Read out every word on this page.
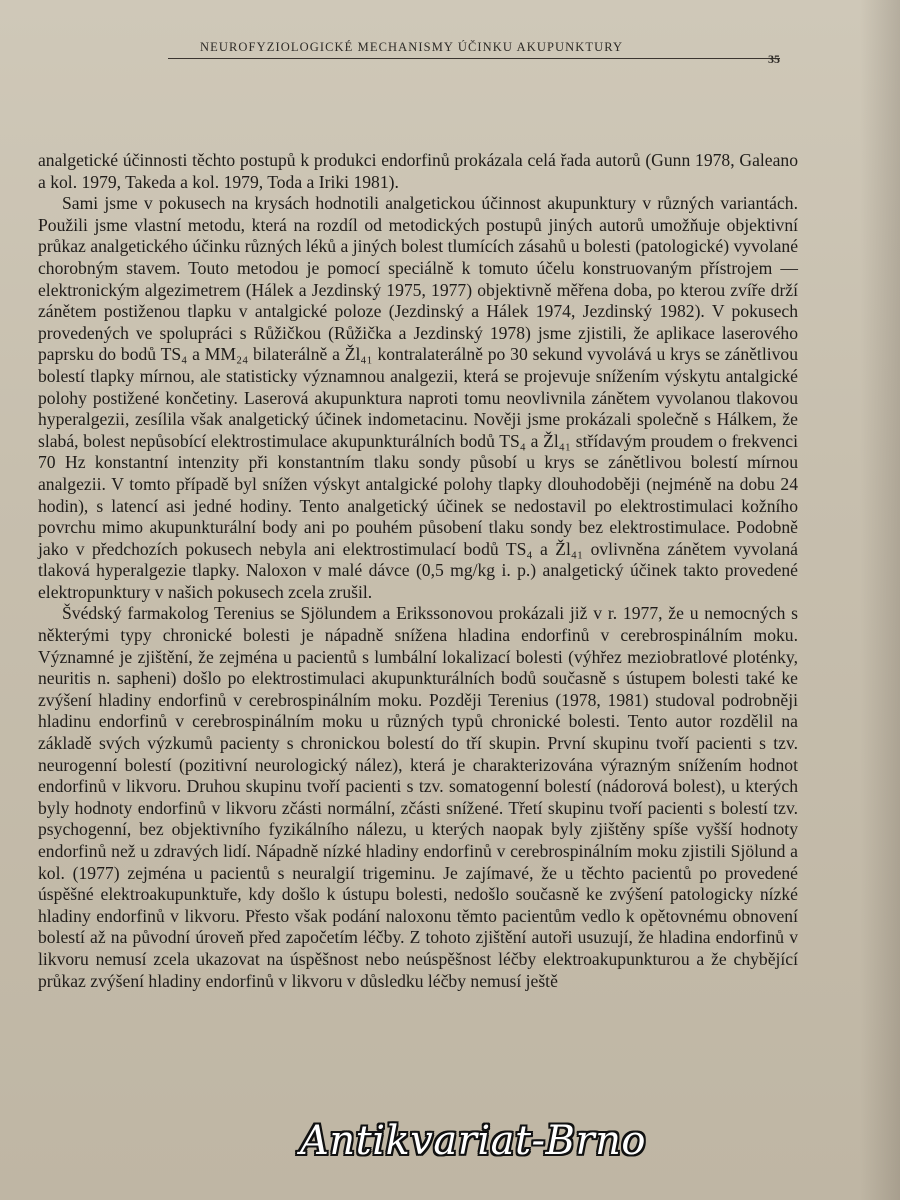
NEUROFYZIOLOGICKÉ MECHANISMY ÚČINKU AKUPUNKTURY
35

analgetické účinnosti těchto postupů k produkci endorfinů prokázala celá řada autorů (Gunn 1978, Galeano a kol. 1979, Takeda a kol. 1979, Toda a Iriki 1981).

Sami jsme v pokusech na krysách hodnotili analgetickou účinnost akupunktury v různých variantách. Použili jsme vlastní metodu, která na rozdíl od metodických postupů jiných autorů umožňuje objektivní průkaz analgetického účinku různých léků a jiných bolest tlumících zásahů u bolesti (patologické) vyvolané chorobným stavem. Touto metodou je pomocí speciálně k tomuto účelu konstruovaným přístrojem — elektronickým algezimetrem (Hálek a Jezdinský 1975, 1977) objektivně měřena doba, po kterou zvíře drží zánětem postiženou tlapku v antalgické poloze (Jezdinský a Hálek 1974, Jezdinský 1982). V pokusech provedených ve spolupráci s Růžičkou (Růžička a Jezdinský 1978) jsme zjistili, že aplikace laserového paprsku do bodů TS₄ a MM₂₄ bilaterálně a Žl₄₁ kontralaterálně po 30 sekund vyvolává u krys se zánětlivou bolestí tlapky mírnou, ale statisticky významnou analgezii, která se projevuje snížením výskytu antalgické polohy postižené končetiny. Laserová akupunktura naproti tomu neovlivnila zánětem vyvolanou tlakovou hyperalgezii, zesílila však analgetický účinek indometacinu. Nověji jsme prokázali společně s Hálkem, že slabá, bolest nepůsobící elektrostimulace akupunkturálních bodů TS₄ a Žl₄₁ střídavým proudem o frekvenci 70 Hz konstantní intenzity při konstantním tlaku sondy působí u krys se zánětlivou bolestí mírnou analgezii. V tomto případě byl snížen výskyt antalgické polohy tlapky dlouhodoběji (nejméně na dobu 24 hodin), s latencí asi jedné hodiny. Tento analgetický účinek se nedostavil po elektrostimulaci kožního povrchu mimo akupunkturální body ani po pouhém působení tlaku sondy bez elektrostimulace. Podobně jako v předchozích pokusech nebyla ani elektrostimulací bodů TS₄ a Žl₄₁ ovlivněna zánětem vyvolaná tlaková hyperalgezie tlapky. Naloxon v malé dávce (0,5 mg/kg i. p.) analgetický účinek takto provedené elektropunktury v našich pokusech zcela zrušil.

Švédský farmakolog Terenius se Sjölundem a Erikssonovou prokázali již v r. 1977, že u nemocných s některými typy chronické bolesti je nápadně snížena hladina endorfinů v cerebrospinálním moku. Významné je zjištění, že zejména u pacientů s lumbální lokalizací bolesti (výhřez meziobratlové ploténky, neuritis n. sapheni) došlo po elektrostimulaci akupunkturálních bodů současně s ústupem bolesti také ke zvýšení hladiny endorfinů v cerebrospinálním moku. Později Terenius (1978, 1981) studoval podrobněji hladinu endorfinů v cerebrospinálním moku u různých typů chronické bolesti. Tento autor rozdělil na základě svých výzkumů pacienty s chronickou bolestí do tří skupin. První skupinu tvoří pacienti s tzv. neurogenní bolestí (pozitivní neurologický nález), která je charakterizována výrazným snížením hodnot endorfinů v likvoru. Druhou skupinu tvoří pacienti s tzv. somatogenní bolestí (nádorová bolest), u kterých byly hodnoty endorfinů v likvoru zčásti normální, zčásti snížené. Třetí skupinu tvoří pacienti s bolestí tzv. psychogenní, bez objektivního fyzikálního nálezu, u kterých naopak byly zjištěny spíše vyšší hodnoty endorfinů než u zdravých lidí. Nápadně nízké hladiny endorfinů v cerebrospinálním moku zjistili Sjölund a kol. (1977) zejména u pacientů s neuralgií trigeminu. Je zajímavé, že u těchto pacientů po provedené úspěšné elektroakupunktuře, kdy došlo k ústupu bolesti, nedošlo současně ke zvýšení patologicky nízké hladiny endorfinů v likvoru. Přesto však podání naloxonu těmto pacientům vedlo k opětovnému obnovení bolestí až na původní úroveň před započetím léčby. Z tohoto zjištění autoři usuzují, že hladina endorfinů v likvoru nemusí zcela ukazovat na úspěšnost nebo neúspěšnost léčby elektroakupunkturou a že chybějící průkaz zvýšení hladiny endorfinů v likvoru v důsledku léčby nemusí ještě

Antikvariat-Brno
